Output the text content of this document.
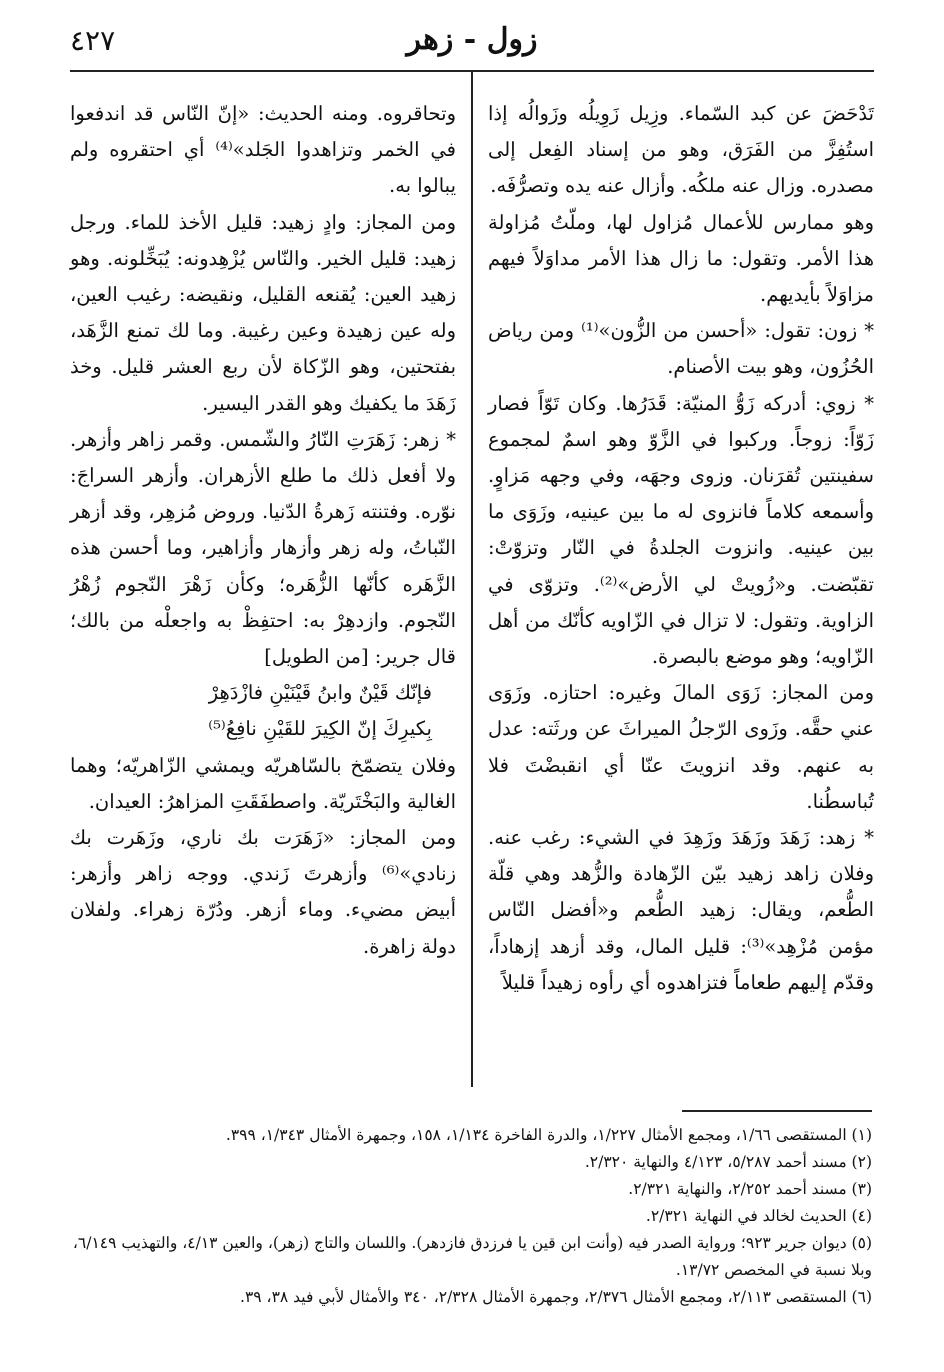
٤٢٧	زول - زهر

تَدْحَضَ عن كبد السّماء. وزِيل زَوِيلُه وزَوالُه إذا استُفِزَّ من الفَرَق، وهو من إسناد الفِعل إلى مصدره. وزال عنه ملكُه. وأزال عنه يده وتصرُّفَه.

وهو ممارس للأعمال مُزاول لها، وملّتُ مُزاولة هذا الأمر. وتقول: ما زال هذا الأمر مداوَلاً فيهم مزاوَلاً بأيديهم.

* زون: تقول: «أحسن من الزُّون»⁽¹⁾ ومن رياض الحُزُون، وهو بيت الأصنام.

* زوي: أدركه زَوُّ المنيّة: قَدَرُها. وكان تَوّاً فصار زَوّاً: زوجاً. وركبوا في الزَّوّ وهو اسمٌ لمجموع سفينتين تُقرَنان. وزوى وجهَه، وفي وجهه مَزاوٍ. وأسمعه كلاماً فانزوى له ما بين عينيه، وزَوَى ما بين عينيه. وانزوت الجلدةُ في النّار وتزوّتْ: تقبّضت. و«زُويتْ لي الأرض»⁽²⁾. وتزوّى في الزاوية. وتقول: لا تزال في الزّاويه كأنّك من أهل الزّاويه؛ وهو موضع بالبصرة.

ومن المجاز: زَوَى المالَ وغيره: احتازه. وزَوَى عني حقَّه. وزَوى الرّجلُ الميراثَ عن ورثَته: عدل به عنهم. وقد انزويتَ عنّا أي انقبضْتَ فلا تُباسطُنا.

* زهد: زَهَدَ وزَهَدَ وزَهِدَ في الشيء: رغب عنه. وفلان زاهد زهيد بيّن الزّهادة والزُّهد وهي قلّة الطُّعم، ويقال: زهيد الطُّعم و«أفضل النّاس مؤمن مُزْهِد»⁽³⁾: قليل المال، وقد أزهد إزهاداً، وقدّم إليهم طعاماً فتزاهدوه أي رأوه زهيداً قليلاً

وتحاقروه. ومنه الحديث: «إنّ النّاس قد اندفعوا في الخمر وتزاهدوا الجَلد»⁽⁴⁾ أي احتقروه ولم يبالوا به.

ومن المجاز: وادٍ زهيد: قليل الأخذ للماء. ورجل زهيد: قليل الخير. والنّاس يُزْهِدونه: يُبَخِّلونه. وهو زهيد العين: يُقنعه القليل، ونقيضه: رغيب العين، وله عين زهيدة وعين رغيبة. وما لك تمنع الزَّهَد، بفتحتين، وهو الزّكاة لأن ربع العشر قليل. وخذ زَهَدَ ما يكفيك وهو القدر اليسير.

* زهر: زَهَرَتِ النّارُ والشّمس. وقمر زاهر وأزهر. ولا أفعل ذلك ما طلع الأزهران. وأزهر السراجَ: نوّره. وفتنته زَهرةُ الدّنيا. وروض مُزهِر، وقد أزهر النّباتُ، وله زهر وأزهار وأزاهير، وما أحسن هذه الزَّهَره كأنّها الزُّهَره؛ وكأن زَهْرَ النّجوم زُهْرُ النّجوم. وازدهِرْ به: احتفِظْ به واجعلْه من بالك؛ قال جرير: [من الطويل]

فإنّك قَيْنٌ وابنُ قَيْنَيْنِ فازْدَهِرْ

بِكيرِكَ إنّ الكِيرَ للقَيْنِ نافِعُ⁽⁵⁾

وفلان يتضمّخ بالسّاهريّه ويمشي الزّاهريّه؛ وهما الغالية والبَخْتَريّة. واصطفَقَتِ المزاهرُ: العيدان.

ومن المجاز: «زَهَرَت بك ناري، وزَهَرت بك زنادي»⁽⁶⁾ وأزهرتَ زَندي. ووجه زاهر وأزهر: أبيض مضيء. وماء أزهر. ودُرّة زهراء. ولفلان دولة زاهرة.

(١) المستقصى ١/٦٦، ومجمع الأمثال ١/٢٢٧، والدرة الفاخرة ١/١٣٤، ١٥٨، وجمهرة الأمثال ١/٣٤٣، ٣٩٩.

(٢) مسند أحمد ٥/٢٨٧، ٤/١٢٣ والنهاية ٢/٣٢٠.

(٣) مسند أحمد ٢/٢٥٢، والنهاية ٢/٣٢١.

(٤) الحديث لخالد في النهاية ٢/٣٢١.

(٥) ديوان جرير ٩٢٣؛ ورواية الصدر فيه (وأنت ابن قين يا فرزدق فازدهر). واللسان والتاج (زهر)، والعين ٤/١٣، والتهذيب ٦/١٤٩، وبلا نسبة في المخصص ١٣/٧٢.

(٦) المستقصى ٢/١١٣، ومجمع الأمثال ٢/٣٧٦، وجمهرة الأمثال ٢/٣٢٨، ٣٤٠ والأمثال لأبي فيد ٣٨، ٣٩.
